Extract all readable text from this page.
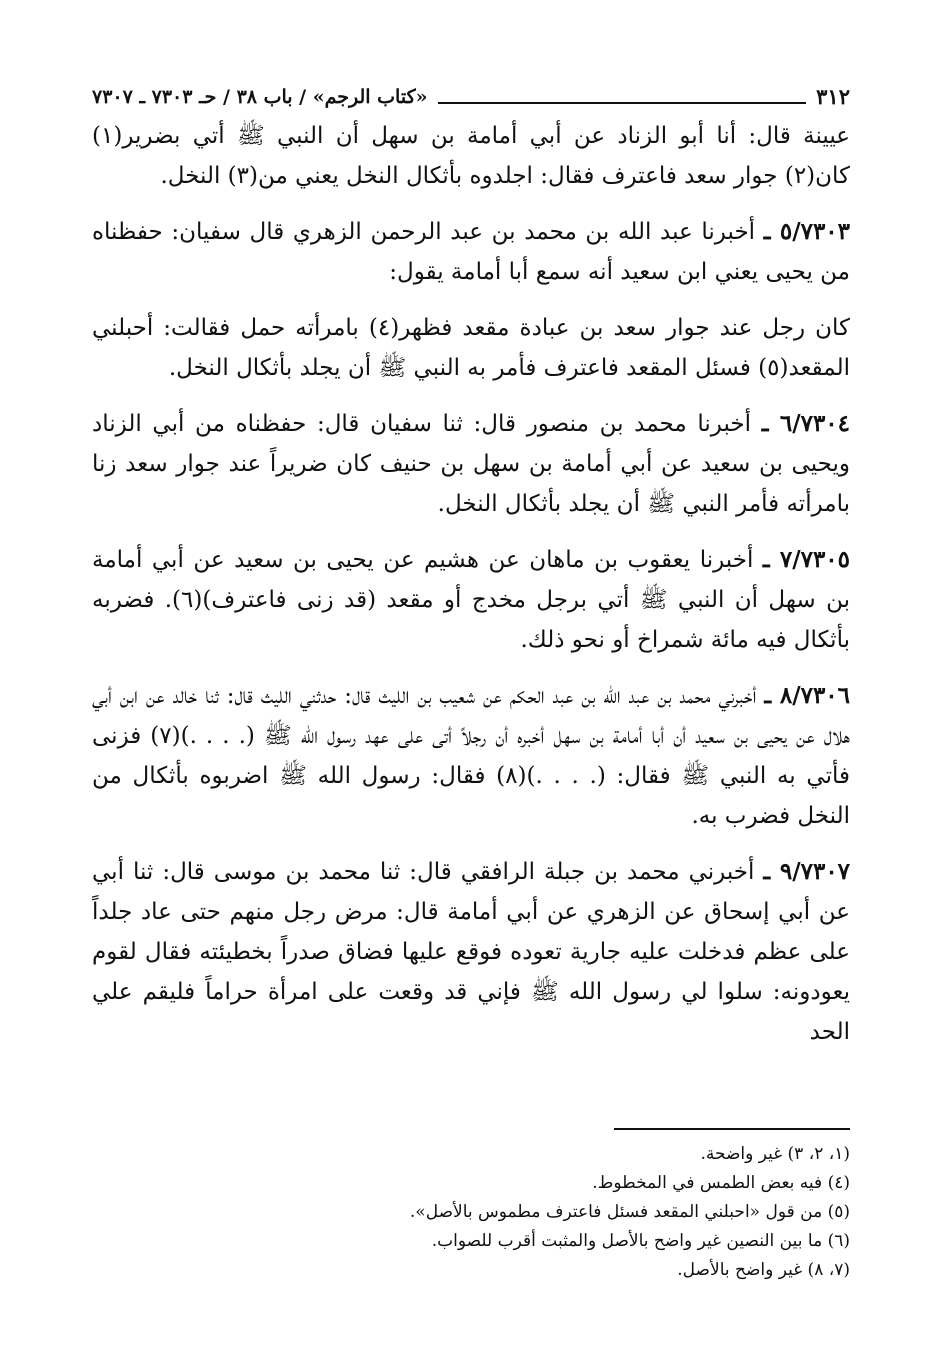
٣١٢
«كتاب الرجم» / باب ٣٨ / حـ ٧٣٠٣ ـ ٧٣٠٧

عيينة قال: أنا أبو الزناد عن أبي أمامة بن سهل أن النبي ﷺ أتي بضرير(١) كان(٢) جوار سعد فاعترف فقال: اجلدوه بأثكال النخل يعني من(٣) النخل.

٥/٧٣٠٣ ـ أخبرنا عبد الله بن محمد بن عبد الرحمن الزهري قال سفيان: حفظناه من يحيى يعني ابن سعيد أنه سمع أبا أمامة يقول:

كان رجل عند جوار سعد بن عبادة مقعد فظهر(٤) بامرأته حمل فقالت: أحبلني المقعد(٥) فسئل المقعد فاعترف فأمر به النبي ﷺ أن يجلد بأثكال النخل.

٦/٧٣٠٤ ـ أخبرنا محمد بن منصور قال: ثنا سفيان قال: حفظناه من أبي الزناد ويحيى بن سعيد عن أبي أمامة بن سهل بن حنيف كان ضريراً عند جوار سعد زنا بامرأته فأمر النبي ﷺ أن يجلد بأثكال النخل.

٧/٧٣٠٥ ـ أخبرنا يعقوب بن ماهان عن هشيم عن يحيى بن سعيد عن أبي أمامة بن سهل أن النبي ﷺ أتي برجل مخدج أو مقعد (قد زنى فاعترف)(٦). فضربه بأثكال فيه مائة شمراخ أو نحو ذلك.

٨/٧٣٠٦ ـ أخبرني محمد بن عبد الله بن عبد الحكم عن شعيب بن الليث قال: حدثني الليث قال: ثنا خالد عن ابن أبي هلال عن يحيى بن سعيد أن أبا أمامة بن سهل أخبره أن رجلاً أتى على عهد رسول الله ﷺ (. . . .)(٧) فزنى فأتي به النبي ﷺ فقال: (. . . .)(٨) فقال: رسول الله ﷺ اضربوه بأثكال من النخل فضرب به.

٩/٧٣٠٧ ـ أخبرني محمد بن جبلة الرافقي قال: ثنا محمد بن موسى قال: ثنا أبي عن أبي إسحاق عن الزهري عن أبي أمامة قال: مرض رجل منهم حتى عاد جلداً على عظم فدخلت عليه جارية تعوده فوقع عليها فضاق صدراً بخطيئته فقال لقوم يعودونه: سلوا لي رسول الله ﷺ فإني قد وقعت على امرأة حراماً فليقم علي الحد

(١، ٢، ٣) غير واضحة.

(٤) فيه بعض الطمس في المخطوط.

(٥) من قول «احبلني المقعد فسئل فاعترف مطموس بالأصل».

(٦) ما بين النصين غير واضح بالأصل والمثبت أقرب للصواب.

(٧، ٨) غير واضح بالأصل.
